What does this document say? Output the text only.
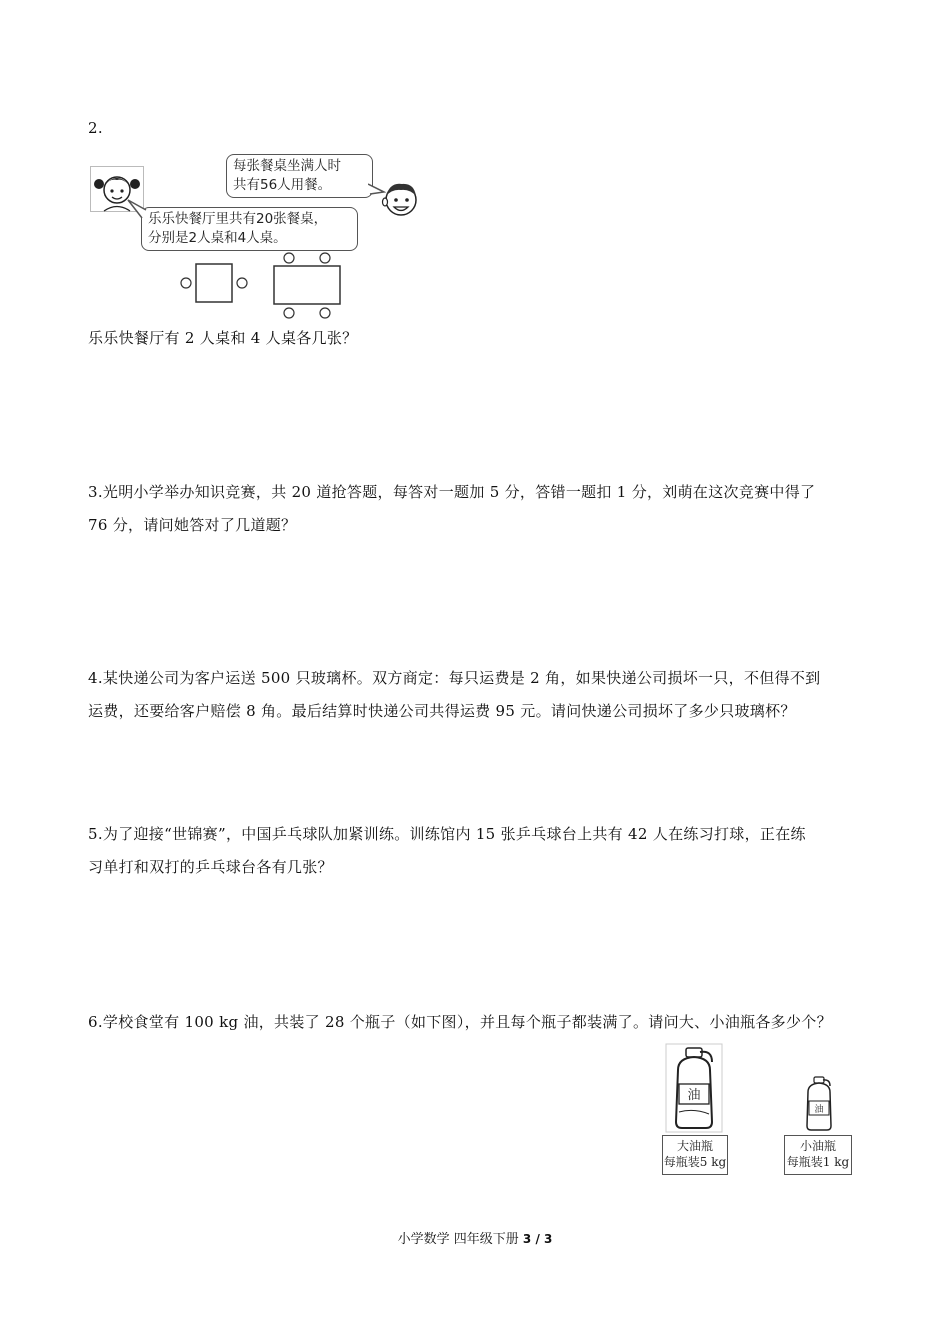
2.
每张餐桌坐满人时
共有56人用餐。
乐乐快餐厅里共有20张餐桌，
分别是2人桌和4人桌。
乐乐快餐厅有 2 人桌和 4 人桌各几张？
3.光明小学举办知识竞赛，共 20 道抢答题，每答对一题加 5 分，答错一题扣 1 分，刘萌在这次竞赛中得了
76 分，请问她答对了几道题？
4.某快递公司为客户运送 500 只玻璃杯。双方商定：每只运费是 2 角，如果快递公司损坏一只，不但得不到
运费，还要给客户赔偿 8 角。最后结算时快递公司共得运费 95 元。请问快递公司损坏了多少只玻璃杯？
5.为了迎接“世锦赛”，中国乒乓球队加紧训练。训练馆内 15 张乒乓球台上共有 42 人在练习打球，正在练
习单打和双打的乒乓球台各有几张？
6.学校食堂有 100 kg 油，共装了 28 个瓶子（如下图），并且每个瓶子都装满了。请问大、小油瓶各多少个？
油
大油瓶
每瓶装5 kg
油
小油瓶
每瓶装1 kg
小学数学 四年级下册 3 / 3
